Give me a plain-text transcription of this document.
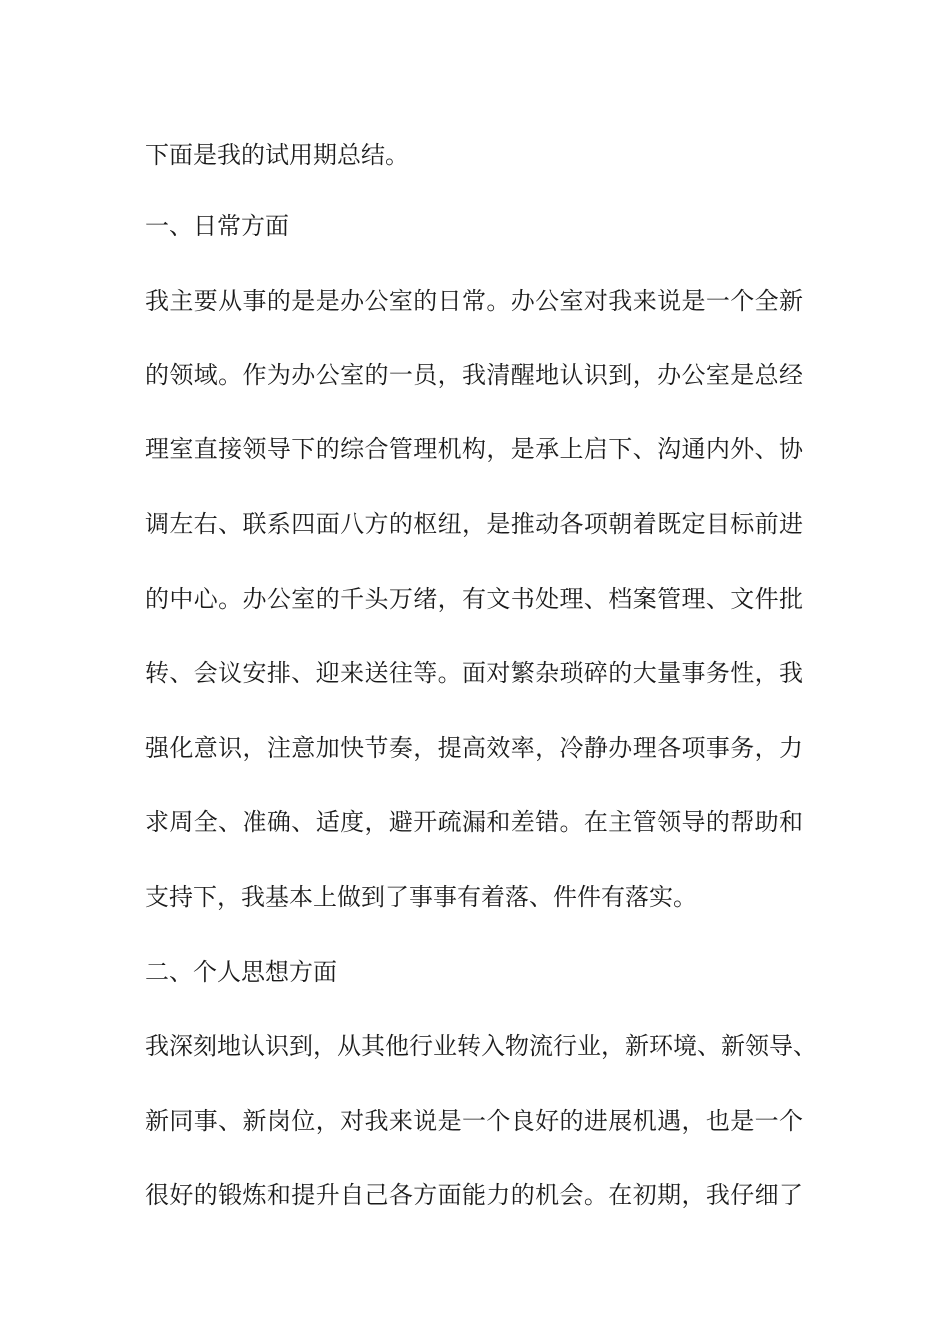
下面是我的试用期总结。

一、日常方面

我主要从事的是是办公室的日常。办公室对我来说是一个全新

的领域。作为办公室的一员，我清醒地认识到，办公室是总经

理室直接领导下的综合管理机构，是承上启下、沟通内外、协

调左右、联系四面八方的枢纽，是推动各项朝着既定目标前进

的中心。办公室的千头万绪，有文书处理、档案管理、文件批

转、会议安排、迎来送往等。面对繁杂琐碎的大量事务性，我

强化意识，注意加快节奏，提高效率，冷静办理各项事务，力

求周全、准确、适度，避开疏漏和差错。在主管领导的帮助和

支持下，我基本上做到了事事有着落、件件有落实。

二、个人思想方面

我深刻地认识到，从其他行业转入物流行业，新环境、新领导、

新同事、新岗位，对我来说是一个良好的进展机遇，也是一个

很好的锻炼和提升自己各方面能力的机会。在初期，我仔细了
